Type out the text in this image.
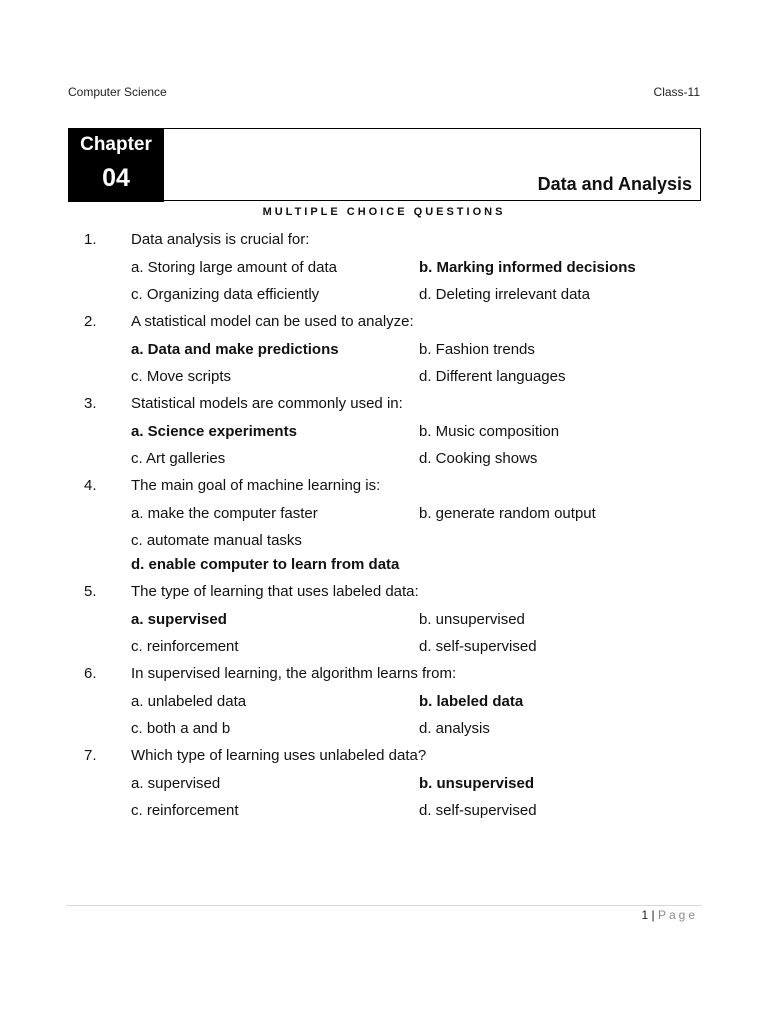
Computer Science	Class-11
Chapter
04	Data and Analysis
MULTIPLE CHOICE QUESTIONS
1. Data analysis is crucial for:
a. Storing large amount of data	b. Marking informed decisions
c. Organizing data efficiently	d. Deleting irrelevant data
2. A statistical model can be used to analyze:
a. Data and make predictions	b. Fashion trends
c. Move scripts	d. Different languages
3. Statistical models are commonly used in:
a. Science experiments	b. Music composition
c. Art galleries	d. Cooking shows
4. The main goal of machine learning is:
a. make the computer faster	b. generate random output
c. automate manual tasks
d. enable computer to learn from data
5. The type of learning that uses labeled data:
a. supervised	b. unsupervised
c. reinforcement	d. self-supervised
6. In supervised learning, the algorithm learns from:
a. unlabeled data	b. labeled data
c. both a and b	d. analysis
7. Which type of learning uses unlabeled data?
a. supervised	b. unsupervised
c. reinforcement	d. self-supervised
1 | Page
